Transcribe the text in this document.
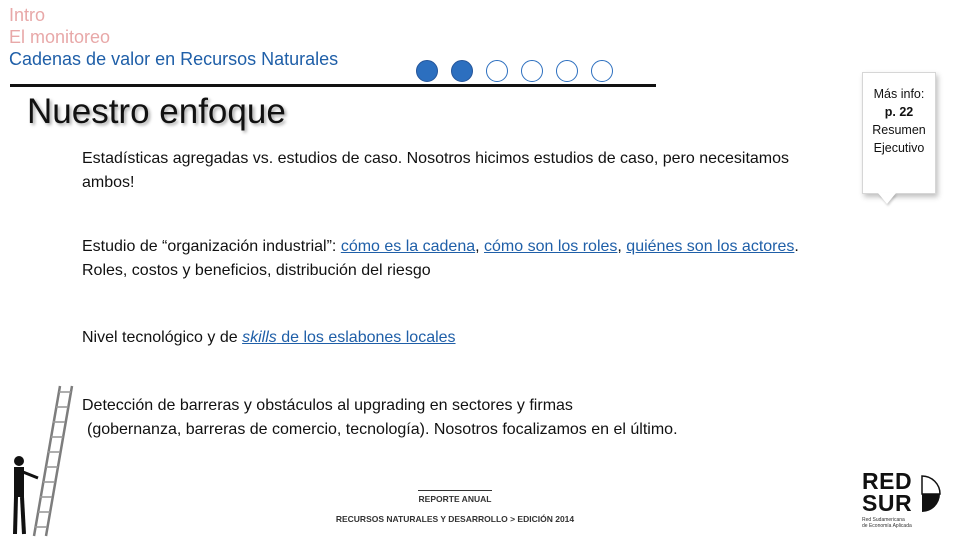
Intro
El monitoreo
Cadenas de valor en Recursos Naturales
Nuestro enfoque	Más info:
p. 22
Resumen
Ejecutivo
Estadísticas agregadas vs. estudios de caso. Nosotros hicimos estudios de caso, pero necesitamos ambos!
Estudio de “organización industrial”: cómo es la cadena, cómo son los roles, quiénes son los actores. Roles, costos y beneficios, distribución del riesgo
Nivel tecnológico y de skills de los eslabones locales
Detección de barreras y obstáculos al upgrading en sectores y firmas
(gobernanza, barreras de comercio, tecnología). Nosotros focalizamos en el último.
REPORTE ANUAL
RECURSOS NATURALES Y DESARROLLO > EDICIÓN 2014
RED
SUR
Red Sudamericana
de Economía Aplicada
